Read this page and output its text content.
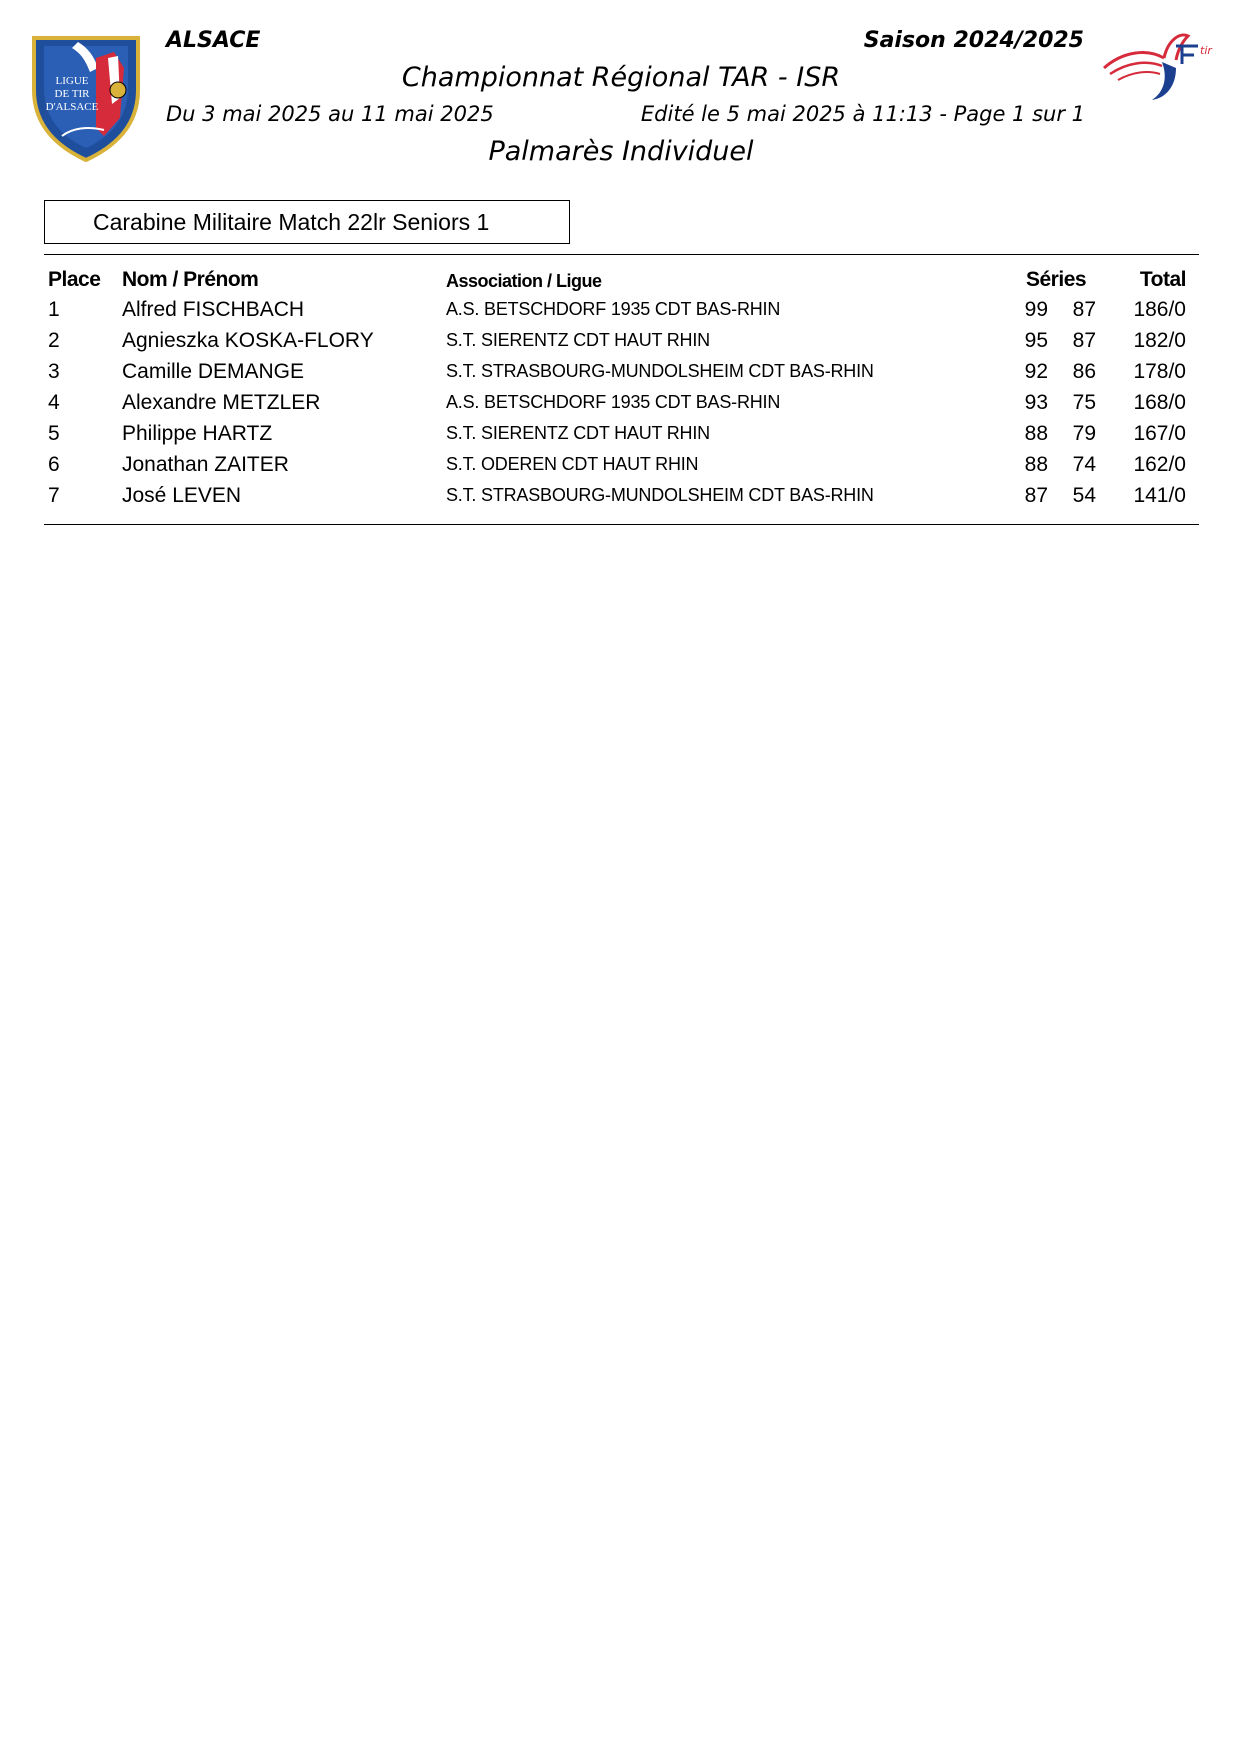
LIGUE
DE TIR
D'ALSACE
tir
ALSACE	Saison 2024/2025
Championnat Régional TAR - ISR
Du 3 mai 2025 au 11 mai 2025	Edité le 5 mai 2025 à 11:13 - Page 1 sur 1
Palmarès Individuel
Carabine Militaire Match 22lr Seniors 1
Place Nom / Prénom	Association / Ligue	Séries	Total
1	Alfred FISCHBACH	A.S. BETSCHDORF 1935 CDT BAS-RHIN	99	87	186/0
2	Agnieszka KOSKA-FLORY	S.T. SIERENTZ CDT HAUT RHIN	95	87	182/0
3	Camille DEMANGE	S.T. STRASBOURG-MUNDOLSHEIM CDT BAS-RHIN	92	86	178/0
4	Alexandre METZLER	A.S. BETSCHDORF 1935 CDT BAS-RHIN	93	75	168/0
5	Philippe HARTZ	S.T. SIERENTZ CDT HAUT RHIN	88	79	167/0
6	Jonathan ZAITER	S.T. ODEREN CDT HAUT RHIN	88	74	162/0
7	José LEVEN	S.T. STRASBOURG-MUNDOLSHEIM CDT BAS-RHIN	87	54	141/0
